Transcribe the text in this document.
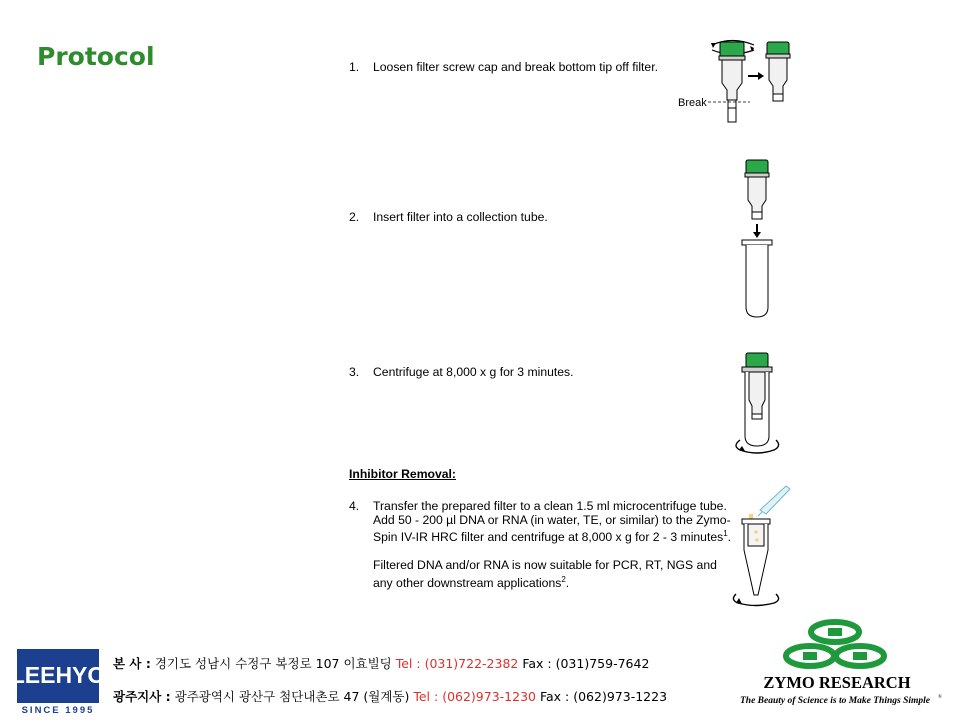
Protocol	1. Loosen filter screw cap and break bottom tip off filter.
2. Insert filter into a collection tube.
3. Centrifuge at 8,000 x g for 3 minutes.
Inhibitor Removal:
4. Transfer the prepared filter to a clean 1.5 ml microcentrifuge tube.
Add 50 - 200 µl DNA or RNA (in water, TE, or similar) to the Zymo-
Spin IV-IR HRC filter and centrifuge at 8,000 x g for 2 - 3 minutes$^1$.
Filtered DNA and/or RNA is now suitable for PCR, RT, NGS and
any other downstream applications$^2$.
Break
LEEHYO
SINCE 1995
본 사 : 경기도 성남시 수정구 복정로 107 이효빌딩 Tel : (031)722-2382 Fax : (031)759-7642
광주지사 : 광주광역시 광산구 첨단내촌로 47 (월계동) Tel : (062)973-1230 Fax : (062)973-1223
ZYMO RESEARCH
The Beauty of Science is to Make Things Simple ®
